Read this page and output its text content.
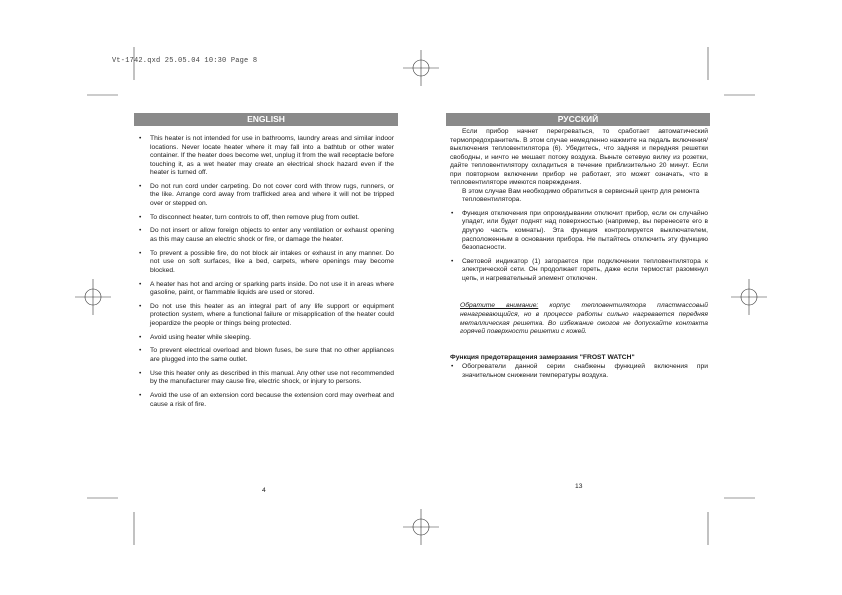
Vt-1742.qxd 25.05.04 10:30 Page 8
ENGLISH	РУССКИЙ
• This heater is not intended for use in bathrooms, laundry areas and similar indoor locations. Never locate heater where it may fall into a bathtub or other water container. If the heater does become wet, unplug it from the wall receptacle before touching it, as a wet heater may create an electrical shock hazard even if the heater is turned off.
• Do not run cord under carpeting. Do not cover cord with throw rugs, runners, or the like. Arrange cord away from trafficked area and where it will not be tripped over or stepped on.
• To disconnect heater, turn controls to off, then remove plug from outlet.
• Do not insert or allow foreign objects to enter any ventilation or exhaust opening as this may cause an electric shock or fire, or damage the heater.
• To prevent a possible fire, do not block air intakes or exhaust in any manner. Do not use on soft surfaces, like a bed, carpets, where openings may become blocked.
• A heater has hot and arcing or sparking parts inside. Do not use it in areas where gasoline, paint, or flammable liquids are used or stored.
• Do not use this heater as an integral part of any life support or equipment protection system, where a functional failure or misapplication of the heater could jeopardize the people or things being protected.
• Avoid using heater while sleeping.
• To prevent electrical overload and blown fuses, be sure that no other appliances are plugged into the same outlet.
• Use this heater only as described in this manual. Any other use not recommended by the manufacturer may cause fire, electric shock, or injury to persons.
• Avoid the use of an extension cord because the extension cord may overheat and cause a risk of fire.

Если прибор начнет перегреваться, то сработает автоматический термопредохранитель. В этом случае немедленно нажмите на педаль включения/выключения тепловентилятора (6). Убедитесь, что задняя и передняя решетки свободны, и ничто не мешает потоку воздуха. Выньте сетевую вилку из розетки, дайте тепловентилятору охладиться в течение приблизительно 20 минут. Если при повторном включении прибор не работает, это может означать, что в тепловентиляторе имеются повреждения.

В этом случае Вам необходимо обратиться в сервисный центр для ремонта тепловентилятора.

• Функция отключения при опрокидывании отключит прибор, если он случайно упадет, или будет поднят над поверхностью (например, вы перенесете его в другую часть комнаты). Эта функция контролируется выключателем, расположенным в основании прибора. Не пытайтесь отключить эту функцию безопасности.
• Световой индикатор (1) загорается при подключении тепловентилятора к электрической сети. Он продолжает гореть, даже если термостат разомкнул цепь, и нагревательный элемент отключен.

Обратите внимание: корпус тепловентилятора пластмассовый ненагревающийся, но в процессе работы сильно нагревается передняя металлическая решетка. Во избежание ожогов не допускайте контакта горячей поверхности решетки с кожей.

Функция предотвращения замерзания "FROST WATCH"

• Обогреватели данной серии снабжены функцией включения при значительном снижении температуры воздуха.
4
13
